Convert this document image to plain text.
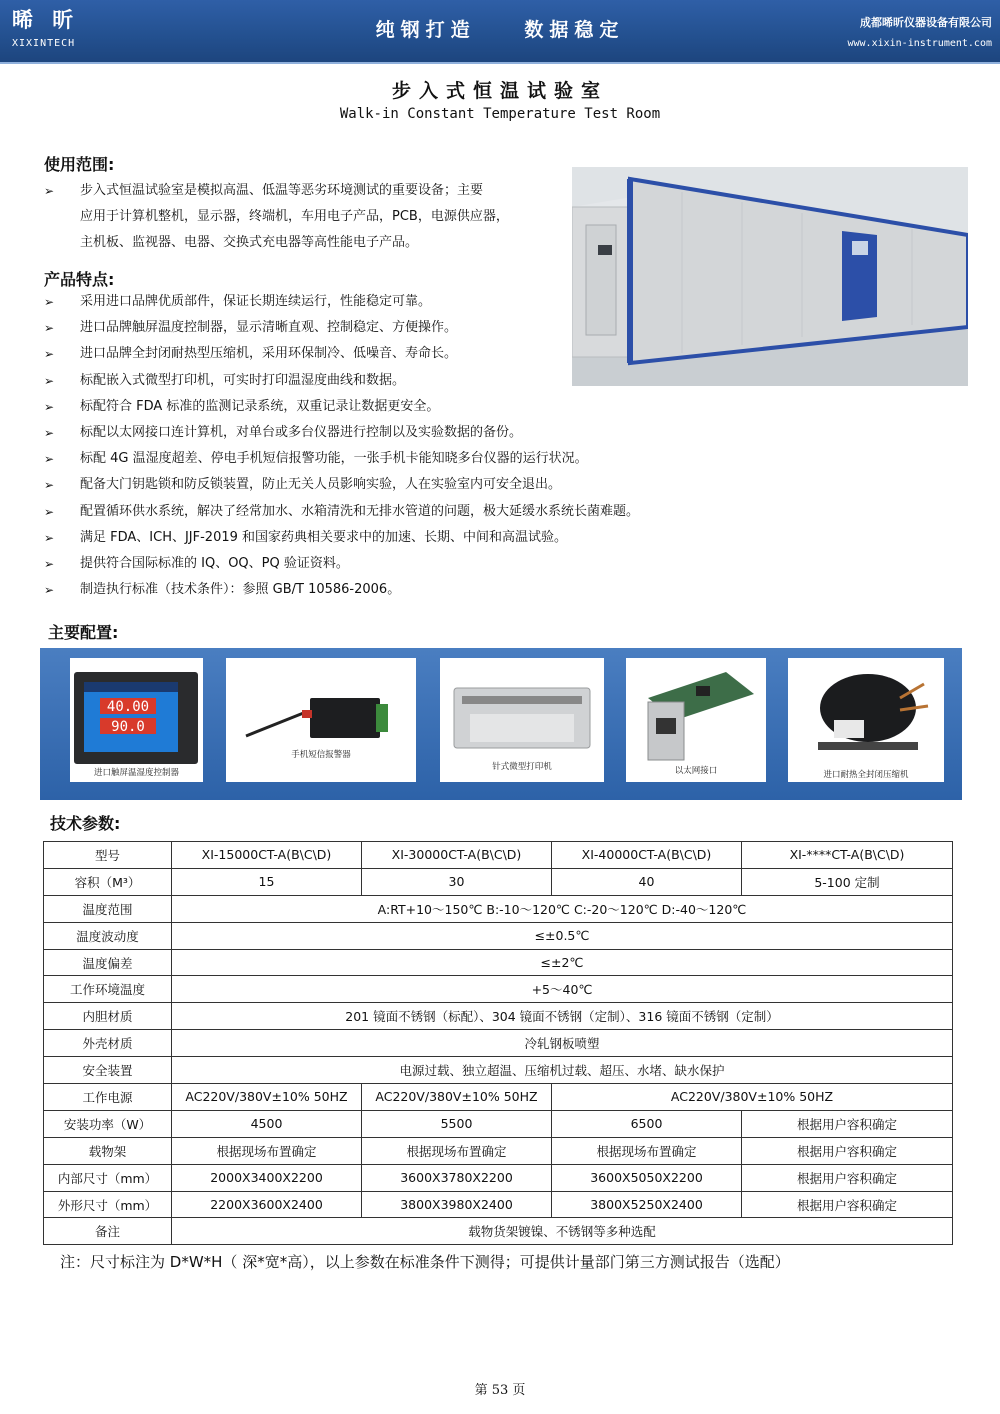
晞 昕
XIXINTECH
纯钢打造	数据稳定	成都晞昕仪器设备有限公司
www.xixin-instrument.com
步入式恒温试验室
Walk-in Constant Temperature Test Room
使用范围:
➢ 步入式恒温试验室是模拟高温、低温等恶劣环境测试的重要设备；主要
应用于计算机整机，显示器，终端机，车用电子产品，PCB，电源供应器，
主机板、监视器、电器、交换式充电器等高性能电子产品。
产品特点:
➢ 采用进口品牌优质部件，保证长期连续运行，性能稳定可靠。
➢ 进口品牌触屏温度控制器，显示清晰直观、控制稳定、方便操作。
➢ 进口品牌全封闭耐热型压缩机，采用环保制冷、低噪音、寿命长。
➢ 标配嵌入式微型打印机，可实时打印温湿度曲线和数据。
➢ 标配符合 FDA 标准的监测记录系统，双重记录让数据更安全。
➢ 标配以太网接口连计算机，对单台或多台仪器进行控制以及实验数据的备份。
➢ 标配 4G 温湿度超差、停电手机短信报警功能，一张手机卡能知晓多台仪器的运行状况。
➢ 配备大门钥匙锁和防反锁装置，防止无关人员影响实验，人在实验室内可安全退出。
➢ 配置循环供水系统，解决了经常加水、水箱清洗和无排水管道的问题，极大延缓水系统长菌难题。
➢ 满足 FDA、ICH、JJF-2019 和国家药典相关要求中的加速、长期、中间和高温试验。
➢ 提供符合国际标准的 IQ、OQ、PQ 验证资料。
➢ 制造执行标准（技术条件）：参照 GB/T 10586-2006。
主要配置:
40.00
90.0
进口触屏温湿度控制器
手机短信报警器
针式微型打印机	以太网接口	进口耐热全封闭压缩机
技术参数:
型号	XI-15000CT-A(B\C\D)	XI-30000CT-A(B\C\D)	XI-40000CT-A(B\C\D)	XI-****CT-A(B\C\D)
容积（M³）	15	30	40	5-100 定制
温度范围	A:RT+10～150℃ B:-10～120℃ C:-20～120℃ D:-40～120℃			
温度波动度	≤±0.5℃			
温度偏差	≤±2℃			
工作环境温度	+5～40℃			
内胆材质	201 镜面不锈钢（标配）、304 镜面不锈钢（定制）、316 镜面不锈钢（定制）			
外壳材质	冷轧钢板喷塑			
安全装置	电源过载、独立超温、压缩机过载、超压、水堵、缺水保护			
工作电源	AC220V/380V±10% 50HZ	AC220V/380V±10% 50HZ	AC220V/380V±10% 50HZ	
安装功率（W）	4500	5500	6500	根据用户容积确定
载物架	根据现场布置确定	根据现场布置确定	根据现场布置确定	根据用户容积确定
内部尺寸（mm）	2000X3400X2200	3600X3780X2200	3600X5050X2200	根据用户容积确定
外形尺寸（mm）	2200X3600X2400	3800X3980X2400	3800X5250X2400	根据用户容积确定
备注	载物货架镀镍、不锈钢等多种选配			
注：尺寸标注为 D*W*H（ 深*宽*高），以上参数在标准条件下测得；可提供计量部门第三方测试报告（选配）
第 53 页
